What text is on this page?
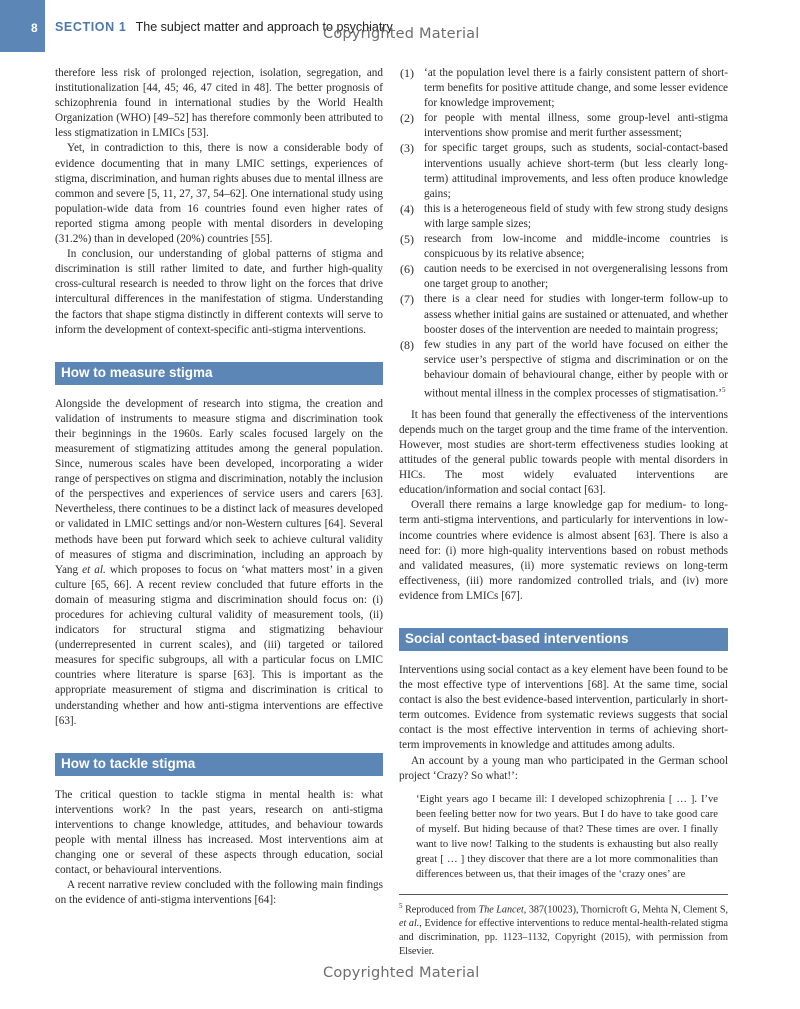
8 SECTION 1 The subject matter and approach to psychiatry
Copyrighted Material
Copyrighted Material

therefore less risk of prolonged rejection, isolation, segregation, and institutionalization [44, 45; 46, 47 cited in 48]. The better prognosis of schizophrenia found in international studies by the World Health Organization (WHO) [49–52] has therefore commonly been attributed to less stigmatization in LMICs [53].

Yet, in contradiction to this, there is now a considerable body of evidence documenting that in many LMIC settings, experiences of stigma, discrimination, and human rights abuses due to mental illness are common and severe [5, 11, 27, 37, 54–62]. One international study using population-wide data from 16 countries found even higher rates of reported stigma among people with mental disorders in developing (31.2%) than in developed (20%) countries [55].

In conclusion, our understanding of global patterns of stigma and discrimination is still rather limited to date, and further high-quality cross-cultural research is needed to throw light on the forces that drive intercultural differences in the manifestation of stigma. Understanding the factors that shape stigma distinctly in different contexts will serve to inform the development of context-specific anti-stigma interventions.

How to measure stigma

Alongside the development of research into stigma, the creation and validation of instruments to measure stigma and discrimination took their beginnings in the 1960s. Early scales focused largely on the measurement of stigmatizing attitudes among the general population. Since, numerous scales have been developed, incorporating a wider range of perspectives on stigma and discrimination, notably the inclusion of the perspectives and experiences of service users and carers [63]. Nevertheless, there continues to be a distinct lack of measures developed or validated in LMIC settings and/or non-Western cultures [64]. Several methods have been put forward which seek to achieve cultural validity of measures of stigma and discrimination, including an approach by Yang et al. which proposes to focus on ‘what matters most’ in a given culture [65, 66]. A recent review concluded that future efforts in the domain of measuring stigma and discrimination should focus on: (i) procedures for achieving cultural validity of measurement tools, (ii) indicators for structural stigma and stigmatizing behaviour (underrepresented in current scales), and (iii) targeted or tailored measures for specific subgroups, all with a particular focus on LMIC countries where literature is sparse [63]. This is important as the appropriate measurement of stigma and discrimination is critical to understanding whether and how anti-stigma interventions are effective [63].

How to tackle stigma

The critical question to tackle stigma in mental health is: what interventions work? In the past years, research on anti-stigma interventions to change knowledge, attitudes, and behaviour towards people with mental illness has increased. Most interventions aim at changing one or several of these aspects through education, social contact, or behavioural interventions.

A recent narrative review concluded with the following main findings on the evidence of anti-stigma interventions [64]:

(1) ‘at the population level there is a fairly consistent pattern of short-term benefits for positive attitude change, and some lesser evidence for knowledge improvement;
(2) for people with mental illness, some group-level anti-stigma interventions show promise and merit further assessment;
(3) for specific target groups, such as students, social-contact-based interventions usually achieve short-term (but less clearly long-term) attitudinal improvements, and less often produce knowledge gains;
(4) this is a heterogeneous field of study with few strong study designs with large sample sizes;
(5) research from low-income and middle-income countries is conspicuous by its relative absence;
(6) caution needs to be exercised in not overgeneralising lessons from one target group to another;
(7) there is a clear need for studies with longer-term follow-up to assess whether initial gains are sustained or attenuated, and whether booster doses of the intervention are needed to maintain progress;
(8) few studies in any part of the world have focused on either the service user’s perspective of stigma and discrimination or on the behaviour domain of behavioural change, either by people with or without mental illness in the complex processes of stigmatisation.’$^5$

It has been found that generally the effectiveness of the interventions depends much on the target group and the time frame of the intervention. However, most studies are short-term effectiveness studies looking at attitudes of the general public towards people with mental disorders in HICs. The most widely evaluated interventions are education/information and social contact [63].

Overall there remains a large knowledge gap for medium- to long-term anti-stigma interventions, and particularly for interventions in low-income countries where evidence is almost absent [63]. There is also a need for: (i) more high-quality interventions based on robust methods and validated measures, (ii) more systematic reviews on long-term effectiveness, (iii) more randomized controlled trials, and (iv) more evidence from LMICs [67].

Social contact-based interventions

Interventions using social contact as a key element have been found to be the most effective type of interventions [68]. At the same time, social contact is also the best evidence-based intervention, particularly in short-term outcomes. Evidence from systematic reviews suggests that social contact is the most effective intervention in terms of achieving short-term improvements in knowledge and attitudes among adults.

An account by a young man who participated in the German school project ‘Crazy? So what!’:

‘Eight years ago I became ill: I developed schizophrenia [ … ]. I’ve been feeling better now for two years. But I do have to take good care of myself. But hiding because of that? These times are over. I finally want to live now! Talking to the students is exhausting but also really great [ … ] they discover that there are a lot more commonalities than differences between us, that their images of the ‘crazy ones’ are

$^5$ Reproduced from The Lancet, 387(10023), Thornicroft G, Mehta N, Clement S, et al., Evidence for effective interventions to reduce mental-health-related stigma and discrimination, pp. 1123–1132, Copyright (2015), with permission from Elsevier.
